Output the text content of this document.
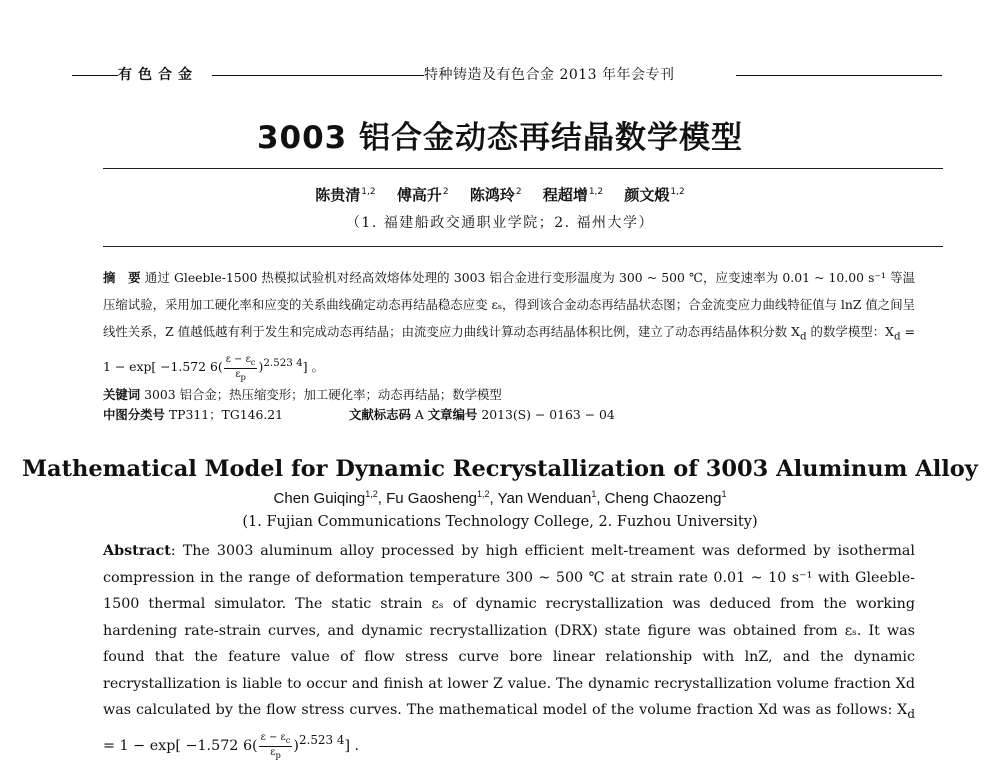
有色合金	特种铸造及有色合金 2013 年年会专刊
3003 铝合金动态再结晶数学模型
陈贵清$^{1,2}$ 傅高升$^2$ 陈鸿玲$^2$ 程超增$^{1,2}$ 颜文煅$^{1,2}$
（1. 福建船政交通职业学院；2. 福州大学）
摘　要 通过 Gleeble-1500 热模拟试验机对经高效熔体处理的 3003 铝合金进行变形温度为 300 ~ 500 ℃，应变速率为 0.01 ~ 10.00 s⁻¹ 等温压缩试验，采用加工硬化率和应变的关系曲线确定动态再结晶稳态应变 εₛ，得到该合金动态再结晶状态图；合金流变应力曲线特征值与 lnZ 值之间呈线性关系，Z 值越低越有利于发生和完成动态再结晶；由流变应力曲线计算动态再结晶体积比例，建立了动态再结晶体积分数 $X_d$ 的数学模型：$X_d = 1 - \exp[ -1.572$ $6( \frac{\varepsilon - \varepsilon_c}{\varepsilon_p} )^{2.523 4}$] 。
关键词 3003 铝合金；热压缩变形；加工硬化率；动态再结晶；数学模型
中图分类号 TP311；TG146.21	文献标志码 A 文章编号 2013(S) − 0163 − 04
Mathematical Model for Dynamic Recrystallization of 3003 Aluminum Alloy
Chen Guiqing$^{1,2}$, Fu Gaosheng$^{1,2}$, Yan Wenduan$^1$, Cheng Chaozeng$^1$
(1. Fujian Communications Technology College, 2. Fuzhou University)
Abstract: The 3003 aluminum alloy processed by high efficient melt-treament was deformed by isothermal compression in the range of deformation temperature 300 ~ 500 ℃ at strain rate 0.01 ~ 10 s⁻¹ with Gleeble-1500 thermal simulator. The static strain εₛ of dynamic recrystallization was deduced from the working hardening rate-strain curves, and dynamic recrystallization (DRX) state figure was obtained from εₛ. It was found that the feature value of flow stress curve bore linear relationship with lnZ, and the dynamic recrystallization is liable to occur and finish at lower Z value. The dynamic recrystallization volume fraction Xd was calculated by the flow stress curves. The mathematical model of the volume fraction Xd was as follows: $X_d = 1 - \exp[ -1.572$ $6( \frac{\varepsilon - \varepsilon_c}{\varepsilon_p} )^{2.523 4}$] .
